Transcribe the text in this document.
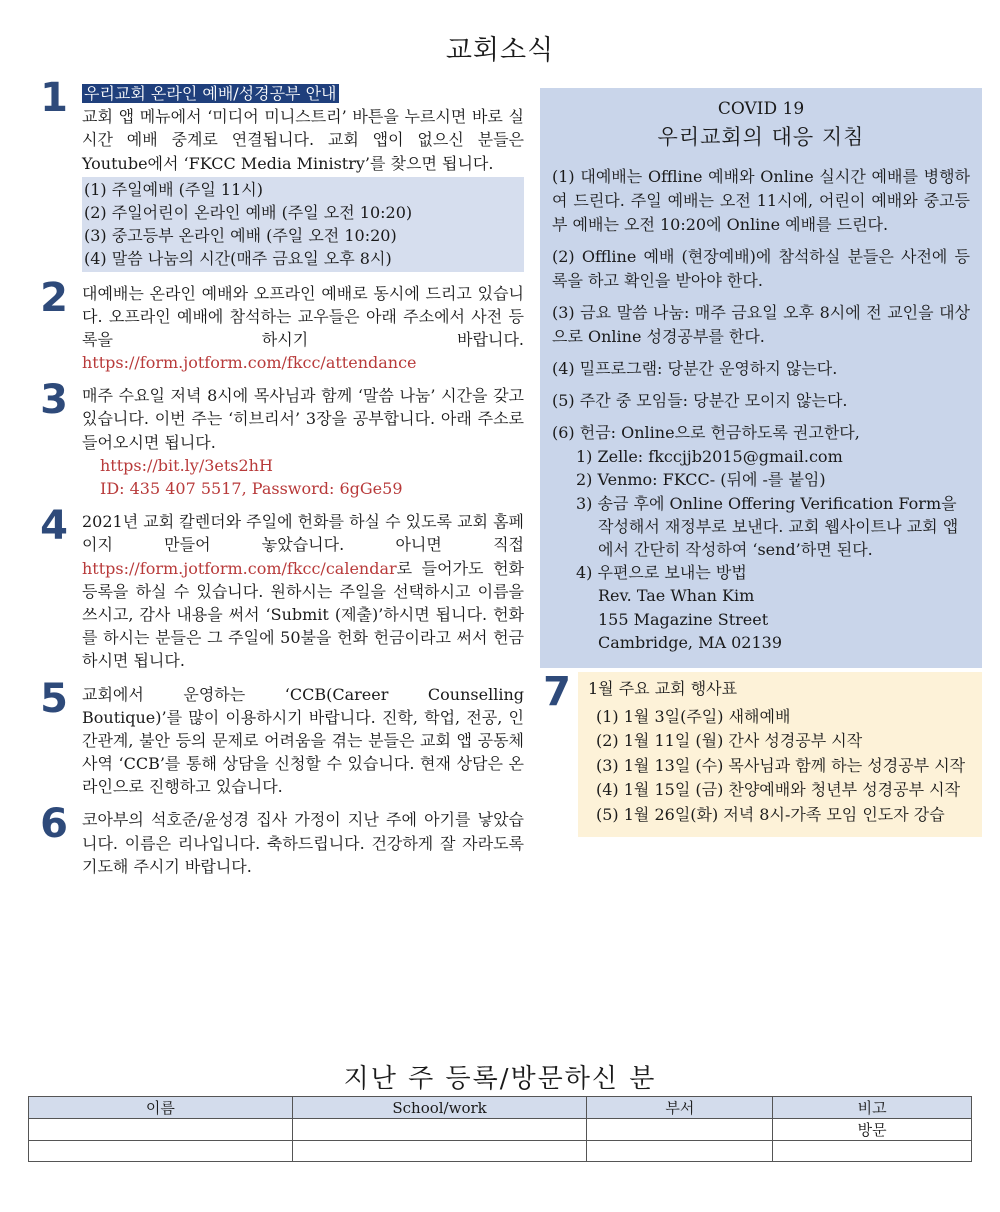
교회소식
1	우리교회 온라인 예배/성경공부 안내

교회 앱 메뉴에서 ‘미디어 미니스트리’ 바튼을 누르시면 바로 실시간 예배 중계로 연결됩니다. 교회 앱이 없으신 분들은 Youtube에서 ‘FKCC Media Ministry’를 찾으면 됩니다.

(1) 주일예배 (주일 11시)
(2) 주일어린이 온라인 예배 (주일 오전 10:20)
(3) 중고등부 온라인 예배 (주일 오전 10:20)
(4) 말씀 나눔의 시간(매주 금요일 오후 8시)
2 대예배는 온라인 예배와 오프라인 예배로 동시에 드리고 있습니다. 오프라인 예배에 참석하는 교우들은 아래 주소에서 사전 등록을 하시기 바랍니다. https://form.jotform.com/fkcc/attendance

3 매주 수요일 저녁 8시에 목사님과 함께 ‘말씀 나눔’ 시간을 갖고 있습니다. 이번 주는 ‘히브리서’ 3장을 공부합니다. 아래 주소로 들어오시면 됩니다.

https://bit.ly/3ets2hH
ID: 435 407 5517, Password: 6gGe59
4 2021년 교회 칼렌더와 주일에 헌화를 하실 수 있도록 교회 홈페이지 만들어 놓았습니다. 아니면 직접 https://form.jotform.com/fkcc/calendar로 들어가도 헌화 등록을 하실 수 있습니다. 원하시는 주일을 선택하시고 이름을 쓰시고, 감사 내용을 써서 ‘Submit (제출)’하시면 됩니다. 헌화를 하시는 분들은 그 주일에 50불을 헌화 헌금이라고 써서 헌금하시면 됩니다.

5 교회에서 운영하는 ‘CCB(Career Counselling Boutique)’를 많이 이용하시기 바랍니다. 진학, 학업, 전공, 인간관계, 불안 등의 문제로 어려움을 겪는 분들은 교회 앱 공동체 사역 ‘CCB’를 통해 상담을 신청할 수 있습니다. 현재 상담은 온라인으로 진행하고 있습니다.

6 코아부의 석호준/윤성경 집사 가정이 지난 주에 아기를 낳았습니다. 이름은 리나입니다. 축하드립니다. 건강하게 잘 자라도록 기도해 주시기 바랍니다.

COVID 19
우리교회의 대응 지침
(1) 대예배는 Offline 예배와 Online 실시간 예배를 병행하여 드린다. 주일 예배는 오전 11시에, 어린이 예배와 중고등부 예배는 오전 10:20에 Online 예배를 드린다.
(2) Offline 예배 (현장예배)에 참석하실 분들은 사전에 등록을 하고 확인을 받아야 한다.
(3) 금요 말씀 나눔: 매주 금요일 오후 8시에 전 교인을 대상으로 Online 성경공부를 한다.
(4) 밀프로그램: 당분간 운영하지 않는다.
(5) 주간 중 모임들: 당분간 모이지 않는다.
(6) 헌금: Online으로 헌금하도록 권고한다,
1) Zelle: fkccjjb2015@gmail.com
2) Venmo: FKCC- (뒤에 -를 붙임)
3) 송금 후에 Online Offering Verification Form을 작성해서 재정부로 보낸다. 교회 웹사이트나 교회 앱에서 간단히 작성하여 ‘send’하면 된다.
4) 우편으로 보내는 방법
Rev. Tae Whan Kim
155 Magazine Street
Cambridge, MA 02139
7 1월 주요 교회 행사표
(1) 1월 3일(주일) 새해예배
(2) 1월 11일 (월) 간사 성경공부 시작
(3) 1월 13일 (수) 목사님과 함께 하는 성경공부 시작
(4) 1월 15일 (금) 찬양예배와 청년부 성경공부 시작
(5) 1월 26일(화) 저녁 8시-가족 모임 인도자 강습
지난 주 등록/방문하신 분
이름	School/work	부서	비고
			방문
